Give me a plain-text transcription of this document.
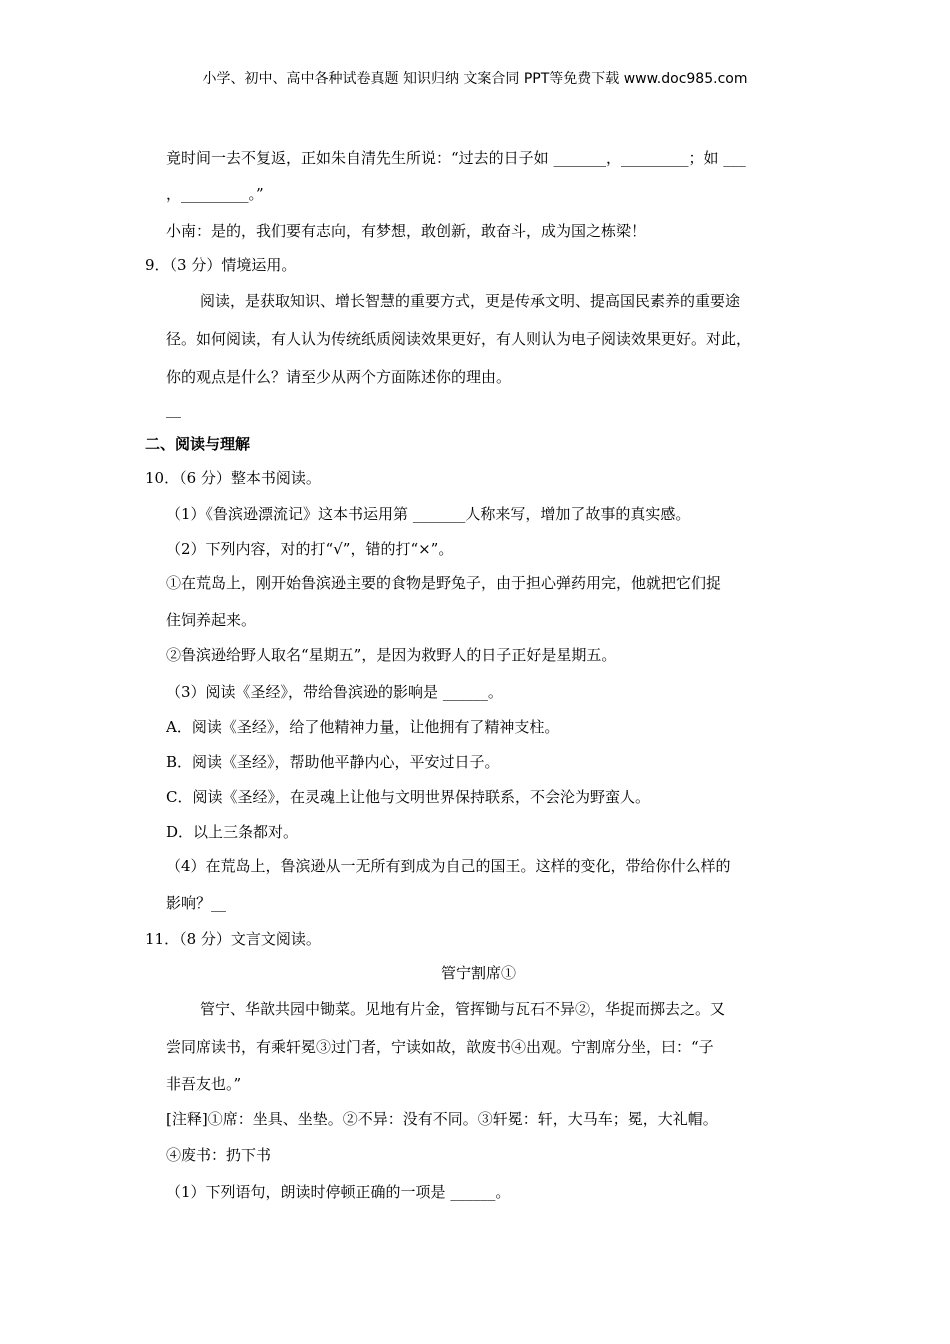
小学、初中、高中各种试卷真题 知识归纳 文案合同 PPT等免费下载 www.doc985.com
竟时间一去不复返，正如朱自清先生所说：“过去的日子如 _______，_________；如 ___
，_________。”
小南：是的，我们要有志向，有梦想，敢创新，敢奋斗，成为国之栋梁！
9．（3 分）情境运用。
阅读，是获取知识、增长智慧的重要方式，更是传承文明、提高国民素养的重要途
径。如何阅读，有人认为传统纸质阅读效果更好，有人则认为电子阅读效果更好。对此，
你的观点是什么？请至少从两个方面陈述你的理由。
__
二、阅读与理解
10．（6 分）整本书阅读。
（1）《鲁滨逊漂流记》这本书运用第 _______人称来写，增加了故事的真实感。
（2）下列内容，对的打“√”，错的打“×”。
①在荒岛上，刚开始鲁滨逊主要的食物是野兔子，由于担心弹药用完，他就把它们捉
住饲养起来。
②鲁滨逊给野人取名“星期五”，是因为救野人的日子正好是星期五。
（3）阅读《圣经》，带给鲁滨逊的影响是 ______。
A．阅读《圣经》，给了他精神力量，让他拥有了精神支柱。
B．阅读《圣经》，帮助他平静内心，平安过日子。
C．阅读《圣经》，在灵魂上让他与文明世界保持联系，不会沦为野蛮人。
D．以上三条都对。
（4）在荒岛上，鲁滨逊从一无所有到成为自己的国王。这样的变化，带给你什么样的
影响？__
11．（8 分）文言文阅读。
管宁割席①
管宁、华歆共园中锄菜。见地有片金，管挥锄与瓦石不异②，华捉而掷去之。又
尝同席读书，有乘轩冕③过门者，宁读如故，歆废书④出观。宁割席分坐，曰：“子
非吾友也。”
[注释]①席：坐具、坐垫。②不异：没有不同。③轩冕：轩，大马车；冕，大礼帽。
④废书：扔下书
（1）下列语句，朗读时停顿正确的一项是 ______。
